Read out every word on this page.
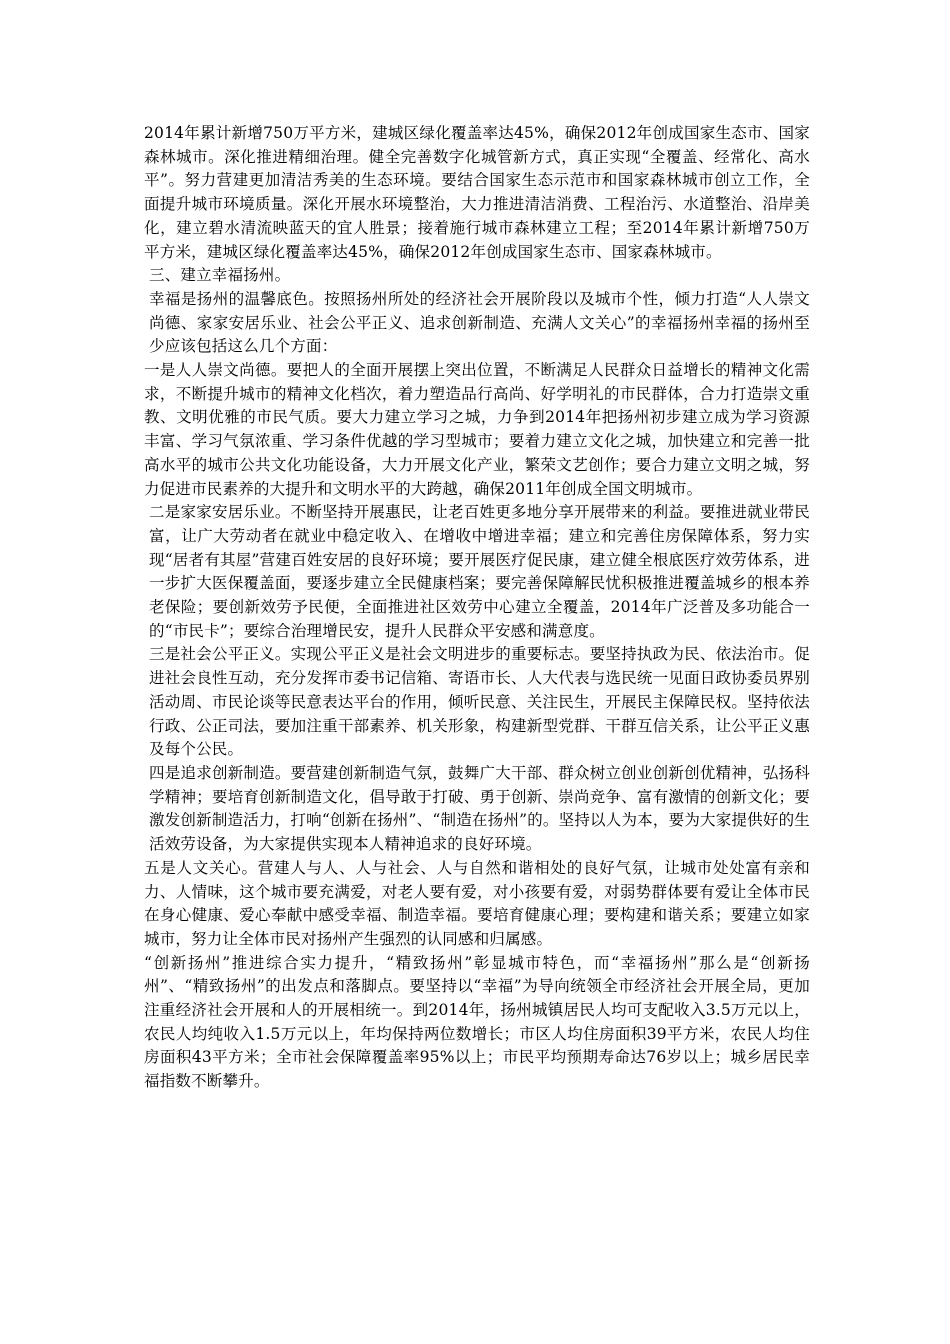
2014年累计新增750万平方米，建城区绿化覆盖率达45%，确保2012年创成国家生态市、国家森林城市。深化推进精细治理。健全完善数字化城管新方式，真正实现“全覆盖、经常化、高水平”。努力营建更加清洁秀美的生态环境。要结合国家生态示范市和国家森林城市创立工作，全面提升城市环境质量。深化开展水环境整治，大力推进清洁消费、工程治污、水道整治、沿岸美化，建立碧水清流映蓝天的宜人胜景；接着施行城市森林建立工程；至2014年累计新增750万平方米，建城区绿化覆盖率达45%，确保2012年创成国家生态市、国家森林城市。

三、建立幸福扬州。

幸福是扬州的温馨底色。按照扬州所处的经济社会开展阶段以及城市个性，倾力打造“人人崇文尚德、家家安居乐业、社会公平正义、追求创新制造、充满人文关心”的幸福扬州幸福的扬州至少应该包括这么几个方面：

一是人人崇文尚德。要把人的全面开展摆上突出位置，不断满足人民群众日益增长的精神文化需求，不断提升城市的精神文化档次，着力塑造品行高尚、好学明礼的市民群体，合力打造崇文重教、文明优雅的市民气质。要大力建立学习之城，力争到2014年把扬州初步建立成为学习资源丰富、学习气氛浓重、学习条件优越的学习型城市；要着力建立文化之城，加快建立和完善一批高水平的城市公共文化功能设备，大力开展文化产业，繁荣文艺创作；要合力建立文明之城，努力促进市民素养的大提升和文明水平的大跨越，确保2011年创成全国文明城市。

二是家家安居乐业。不断坚持开展惠民，让老百姓更多地分享开展带来的利益。要推进就业带民富，让广大劳动者在就业中稳定收入、在增收中增进幸福；建立和完善住房保障体系，努力实现“居者有其屋”营建百姓安居的良好环境；要开展医疗促民康，建立健全根底医疗效劳体系，进一步扩大医保覆盖面，要逐步建立全民健康档案；要完善保障解民忧积极推进覆盖城乡的根本养老保险；要创新效劳予民便，全面推进社区效劳中心建立全覆盖，2014年广泛普及多功能合一的“市民卡”；要综合治理增民安，提升人民群众平安感和满意度。

三是社会公平正义。实现公平正义是社会文明进步的重要标志。要坚持执政为民、依法治市。促进社会良性互动，充分发挥市委书记信箱、寄语市长、人大代表与选民统一见面日政协委员界别活动周、市民论谈等民意表达平台的作用，倾听民意、关注民生，开展民主保障民权。坚持依法行政、公正司法，要加注重干部素养、机关形象，构建新型党群、干群互信关系，让公平正义惠及每个公民。

四是追求创新制造。要营建创新制造气氛，鼓舞广大干部、群众树立创业创新创优精神，弘扬科学精神；要培育创新制造文化，倡导敢于打破、勇于创新、崇尚竞争、富有激情的创新文化；要激发创新制造活力，打响“创新在扬州”、“制造在扬州”的。坚持以人为本，要为大家提供好的生活效劳设备，为大家提供实现本人精神追求的良好环境。

五是人文关心。营建人与人、人与社会、人与自然和谐相处的良好气氛，让城市处处富有亲和力、人情味，这个城市要充满爱，对老人要有爱，对小孩要有爱，对弱势群体要有爱让全体市民在身心健康、爱心奉献中感受幸福、制造幸福。要培育健康心理；要构建和谐关系；要建立如家城市，努力让全体市民对扬州产生强烈的认同感和归属感。

“创新扬州”推进综合实力提升，“精致扬州”彰显城市特色，而“幸福扬州”那么是“创新扬州”、“精致扬州”的出发点和落脚点。要坚持以“幸福”为导向统领全市经济社会开展全局，更加注重经济社会开展和人的开展相统一。到2014年，扬州城镇居民人均可支配收入3.5万元以上，农民人均纯收入1.5万元以上，年均保持两位数增长；市区人均住房面积39平方米，农民人均住房面积43平方米；全市社会保障覆盖率95%以上；市民平均预期寿命达76岁以上；城乡居民幸福指数不断攀升。
